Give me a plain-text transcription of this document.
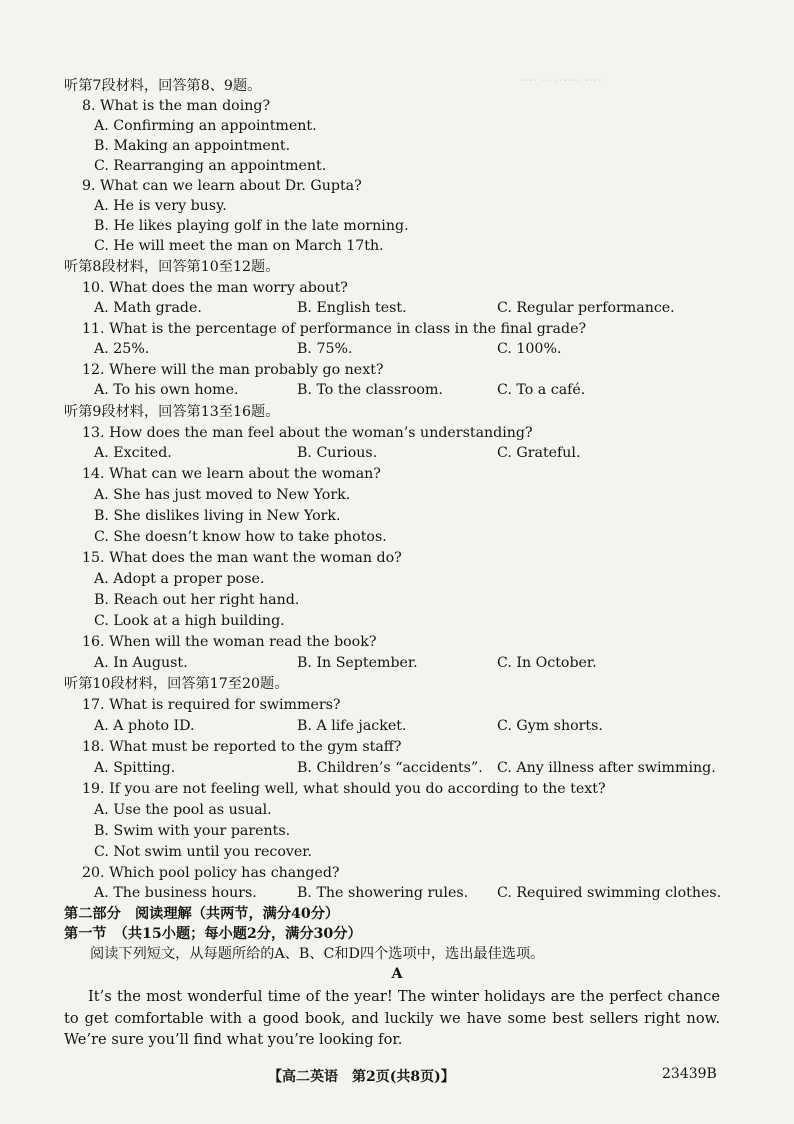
‥‥ ‥ ‥‥‥ ‥‥
听第7段材料，回答第8、9题。
8. What is the man doing?
A. Confirming an appointment.
B. Making an appointment.
C. Rearranging an appointment.
9. What can we learn about Dr. Gupta?
A. He is very busy.
B. He likes playing golf in the late morning.
C. He will meet the man on March 17th.
听第8段材料，回答第10至12题。
10. What does the man worry about?
A. Math grade.	B. English test.	C. Regular performance.
11. What is the percentage of performance in class in the final grade?
A. 25%.	B. 75%.	C. 100%.
12. Where will the man probably go next?
A. To his own home.	B. To the classroom.	C. To a café.
听第9段材料，回答第13至16题。
13. How does the man feel about the woman’s understanding?
A. Excited.	B. Curious.	C. Grateful.
14. What can we learn about the woman?
A. She has just moved to New York.
B. She dislikes living in New York.
C. She doesn’t know how to take photos.
15. What does the man want the woman do?
A. Adopt a proper pose.
B. Reach out her right hand.
C. Look at a high building.
16. When will the woman read the book?
A. In August.	B. In September.	C. In October.
听第10段材料，回答第17至20题。
17. What is required for swimmers?
A. A photo ID.	B. A life jacket.	C. Gym shorts.
18. What must be reported to the gym staff?
A. Spitting.	B. Children’s “accidents”. C. Any illness after swimming.
19. If you are not feeling well, what should you do according to the text?
A. Use the pool as usual.
B. Swim with your parents.
C. Not swim until you recover.
20. Which pool policy has changed?
A. The business hours.	B. The showering rules. C. Required swimming clothes.
第二部分　阅读理解（共两节，满分40分）
第一节　（共15小题；每小题2分，满分30分）
阅读下列短文，从每题所给的A、B、C和D四个选项中，选出最佳选项。
A
It’s the most wonderful time of the year! The winter holidays are the perfect chance to get comfortable with a good book, and luckily we have some best sellers right now. We’re sure you’ll find what you’re looking for.
【高二英语　第2页(共8页)】	23439B
